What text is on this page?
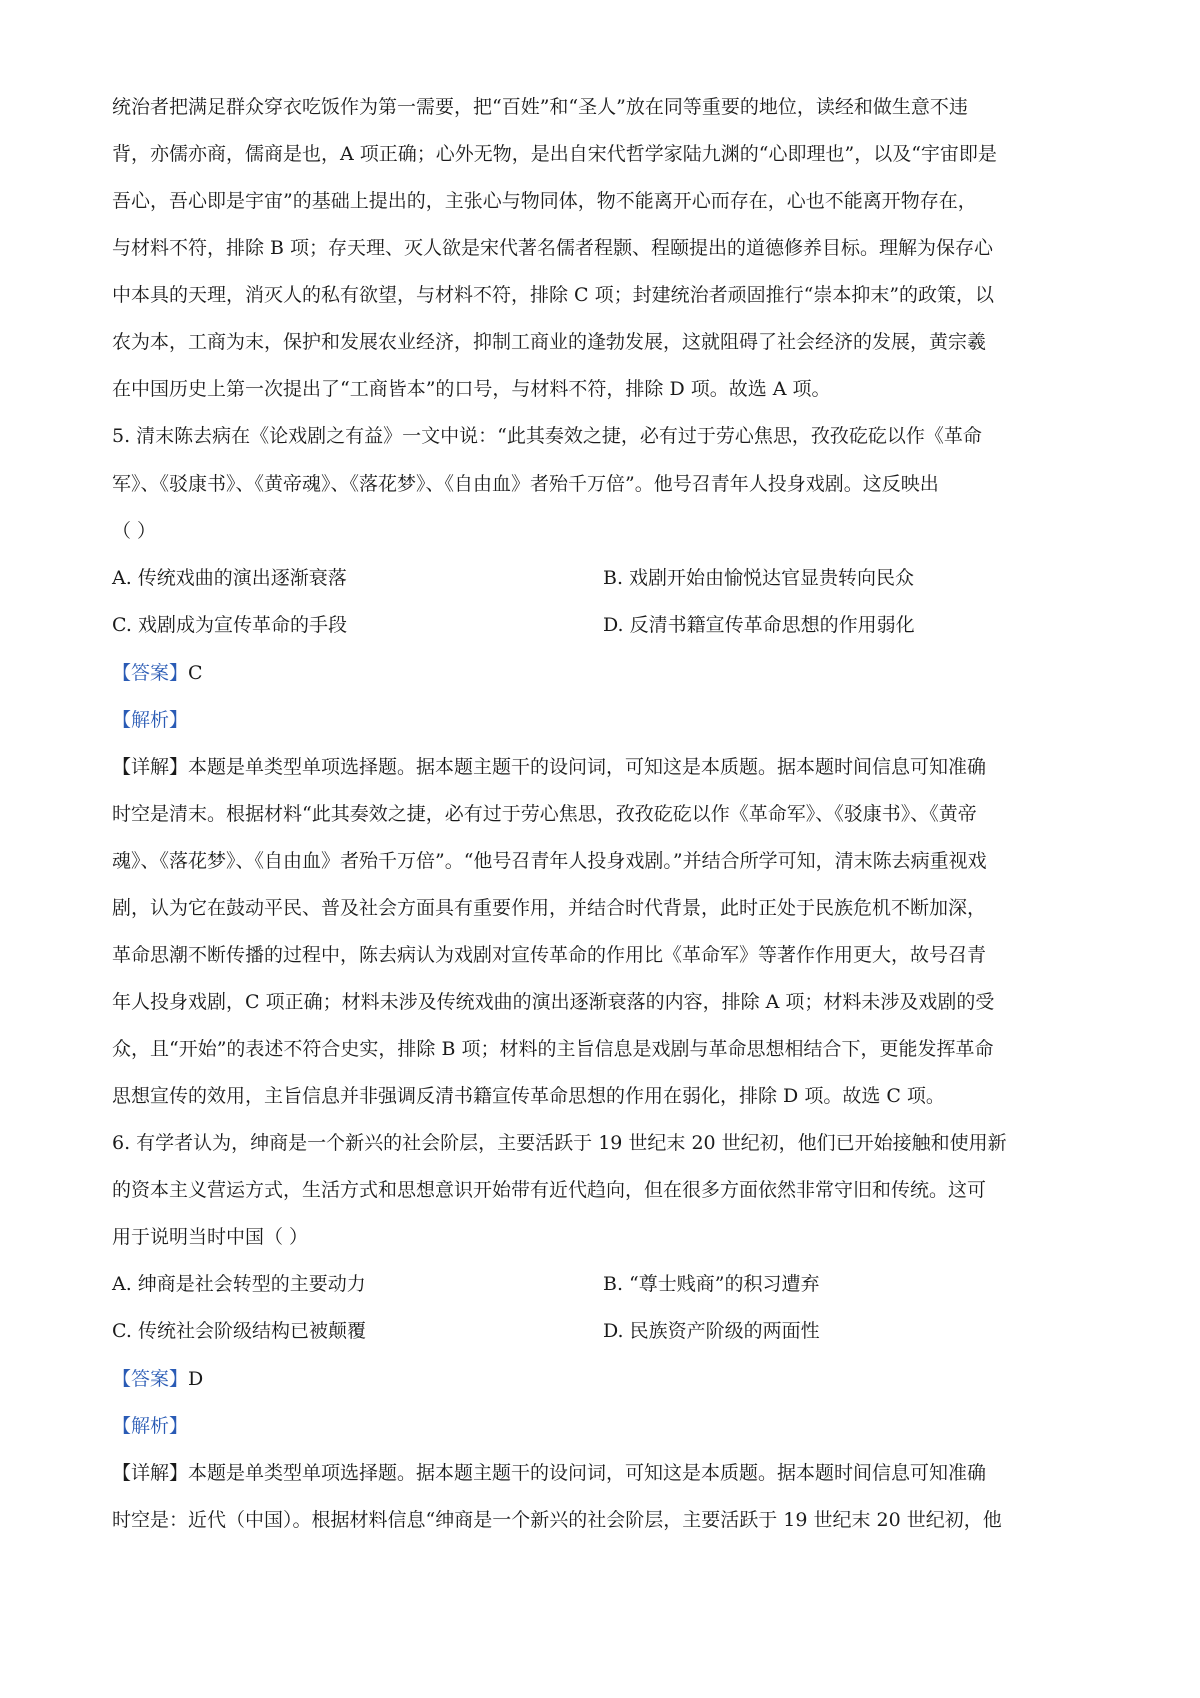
统治者把满足群众穿衣吃饭作为第一需要，把“百姓”和“圣人”放在同等重要的地位，读经和做生意不违
背，亦儒亦商，儒商是也，A 项正确；心外无物，是出自宋代哲学家陆九渊的“心即理也”，以及“宇宙即是
吾心，吾心即是宇宙”的基础上提出的，主张心与物同体，物不能离开心而存在，心也不能离开物存在，
与材料不符，排除 B 项；存天理、灭人欲是宋代著名儒者程颢、程颐提出的道德修养目标。理解为保存心
中本具的天理，消灭人的私有欲望，与材料不符，排除 C 项；封建统治者顽固推行“崇本抑末”的政策，以
农为本，工商为末，保护和发展农业经济，抑制工商业的逢勃发展，这就阻碍了社会经济的发展，黄宗羲
在中国历史上第一次提出了“工商皆本”的口号，与材料不符，排除 D 项。故选 A 项。
5. 清末陈去病在《论戏剧之有益》一文中说：“此其奏效之捷，必有过于劳心焦思，孜孜矻矻以作《革命
军》、《驳康书》、《黄帝魂》、《落花梦》、《自由血》者殆千万倍”。他号召青年人投身戏剧。这反映出
（ ）
A. 传统戏曲的演出逐渐衰落	B. 戏剧开始由愉悦达官显贵转向民众
C. 戏剧成为宣传革命的手段	D. 反清书籍宣传革命思想的作用弱化
【答案】C
【解析】
【详解】本题是单类型单项选择题。据本题主题干的设问词，可知这是本质题。据本题时间信息可知准确
时空是清末。根据材料“此其奏效之捷，必有过于劳心焦思，孜孜矻矻以作《革命军》、《驳康书》、《黄帝
魂》、《落花梦》、《自由血》者殆千万倍”。“他号召青年人投身戏剧。”并结合所学可知，清末陈去病重视戏
剧，认为它在鼓动平民、普及社会方面具有重要作用，并结合时代背景，此时正处于民族危机不断加深，
革命思潮不断传播的过程中，陈去病认为戏剧对宣传革命的作用比《革命军》等著作作用更大，故号召青
年人投身戏剧，C 项正确；材料未涉及传统戏曲的演出逐渐衰落的内容，排除 A 项；材料未涉及戏剧的受
众，且“开始”的表述不符合史实，排除 B 项；材料的主旨信息是戏剧与革命思想相结合下，更能发挥革命
思想宣传的效用，主旨信息并非强调反清书籍宣传革命思想的作用在弱化，排除 D 项。故选 C 项。
6. 有学者认为，绅商是一个新兴的社会阶层，主要活跃于 19 世纪末 20 世纪初，他们已开始接触和使用新
的资本主义营运方式，生活方式和思想意识开始带有近代趋向，但在很多方面依然非常守旧和传统。这可
用于说明当时中国（ ）
A. 绅商是社会转型的主要动力	B. “尊士贱商”的积习遭弃
C. 传统社会阶级结构已被颠覆	D. 民族资产阶级的两面性
【答案】D
【解析】
【详解】本题是单类型单项选择题。据本题主题干的设问词，可知这是本质题。据本题时间信息可知准确
时空是：近代（中国）。根据材料信息“绅商是一个新兴的社会阶层，主要活跃于 19 世纪末 20 世纪初，他
